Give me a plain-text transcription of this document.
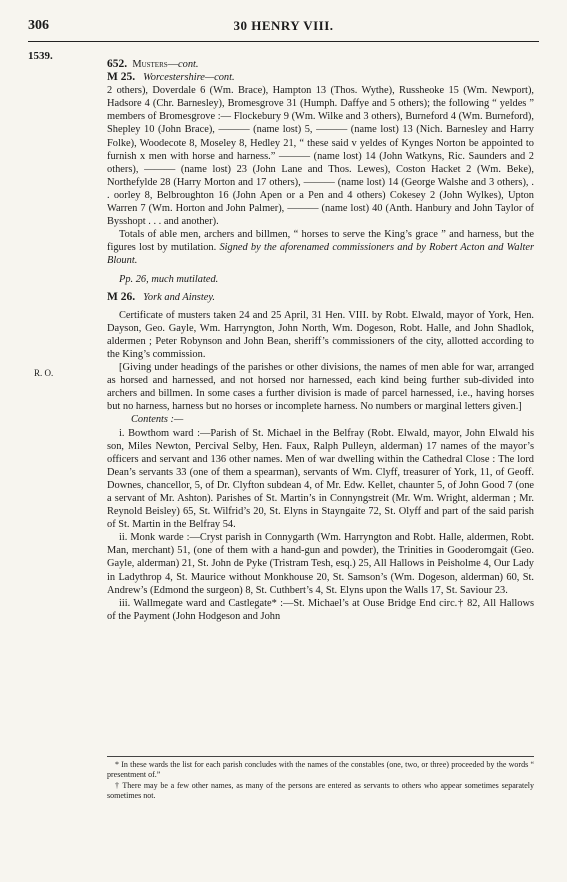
306	30 HENRY VIII.
1539.
R. O.

652. Musters—cont.

M 25. Worcestershire—cont.

2 others), Doverdale 6 (Wm. Brace), Hampton 13 (Thos. Wythe), Russheoke 15 (Wm. Newport), Hadsore 4 (Chr. Barnesley), Bromesgrove 31 (Humph. Daffye and 5 others); the following “ yeldes ” members of Bromesgrove :— Flockebury 9 (Wm. Wilke and 3 others), Burneford 4 (Wm. Burneford), Shepley 10 (John Brace), ——— (name lost) 5, ——— (name lost) 13 (Nich. Barnesley and Harry Folke), Woodecote 8, Moseley 8, Hedley 21, “ these said v yeldes of Kynges Norton be appointed to furnish x men with horse and harness.” ——— (name lost) 14 (John Watkyns, Ric. Saunders and 2 others), ——— (name lost) 23 (John Lane and Thos. Lewes), Coston Hacket 2 (Wm. Beke), Northefylde 28 (Harry Morton and 17 others), ——— (name lost) 14 (George Walshe and 3 others), . . oorley 8, Belbroughton 16 (John Apen or a Pen and 4 others) Cokesey 2 (John Wylkes), Upton Warren 7 (Wm. Horton and John Palmer), ——— (name lost) 40 (Anth. Hanbury and John Taylor of Bysshopt . . . and another).

Totals of able men, archers and billmen, “ horses to serve the King’s grace ” and harness, but the figures lost by mutilation. Signed by the aforenamed commissioners and by Robert Acton and Walter Blount.

Pp. 26, much mutilated.

M 26. York and Ainstey.

Certificate of musters taken 24 and 25 April, 31 Hen. VIII. by Robt. Elwald, mayor of York, Hen. Dayson, Geo. Gayle, Wm. Harryngton, John North, Wm. Dogeson, Robt. Halle, and John Shadlok, aldermen ; Peter Robynson and John Bean, sheriff’s commissioners of the city, allotted according to the King’s commission.

[Giving under headings of the parishes or other divisions, the names of men able for war, arranged as horsed and harnessed, and not horsed nor harnessed, each kind being further sub-divided into archers and billmen. In some cases a further division is made of parcel harnessed, i.e., having horses but no harness, harness but no horses or incomplete harness. No numbers or marginal letters given.]

Contents :—

i. Bowthom ward :—Parish of St. Michael in the Belfray (Robt. Elwald, mayor, John Elwald his son, Miles Newton, Percival Selby, Hen. Faux, Ralph Pulleyn, alderman) 17 names of the mayor’s officers and servant and 136 other names. Men of war dwelling within the Cathedral Close : The lord Dean’s servants 33 (one of them a spearman), servants of Wm. Clyff, treasurer of York, 11, of Geoff. Downes, chancellor, 5, of Dr. Clyfton subdean 4, of Mr. Edw. Kellet, chaunter 5, of John Good 7 (one a servant of Mr. Ashton). Parishes of St. Martin’s in Connyngstreit (Mr. Wm. Wright, alderman ; Mr. Reynold Beisley) 65, St. Wilfrid’s 20, St. Elyns in Stayngaite 72, St. Olyff and part of the said parish of St. Martin in the Belfray 54.

ii. Monk warde :—Cryst parish in Connygarth (Wm. Harryngton and Robt. Halle, aldermen, Robt. Man, merchant) 51, (one of them with a hand-gun and powder), the Trinities in Gooderomgait (Geo. Gayle, alderman) 21, St. John de Pyke (Tristram Tesh, esq.) 25, All Hallows in Peisholme 4, Our Lady in Ladythrop 4, St. Maurice without Monkhouse 20, St. Samson’s (Wm. Dogeson, alderman) 60, St. Andrew’s (Edmond the surgeon) 8, St. Cuthbert’s 4, St. Elyns upon the Walls 17, St. Saviour 23.

iii. Wallmegate ward and Castlegate* :—St. Michael’s at Ouse Bridge End circ.† 82, All Hallows of the Payment (John Hodgeson and John

* In these wards the list for each parish concludes with the names of the constables (one, two, or three) proceeded by the words “ presentment of.”

† There may be a few other names, as many of the persons are entered as servants to others who appear sometimes separately sometimes not.
